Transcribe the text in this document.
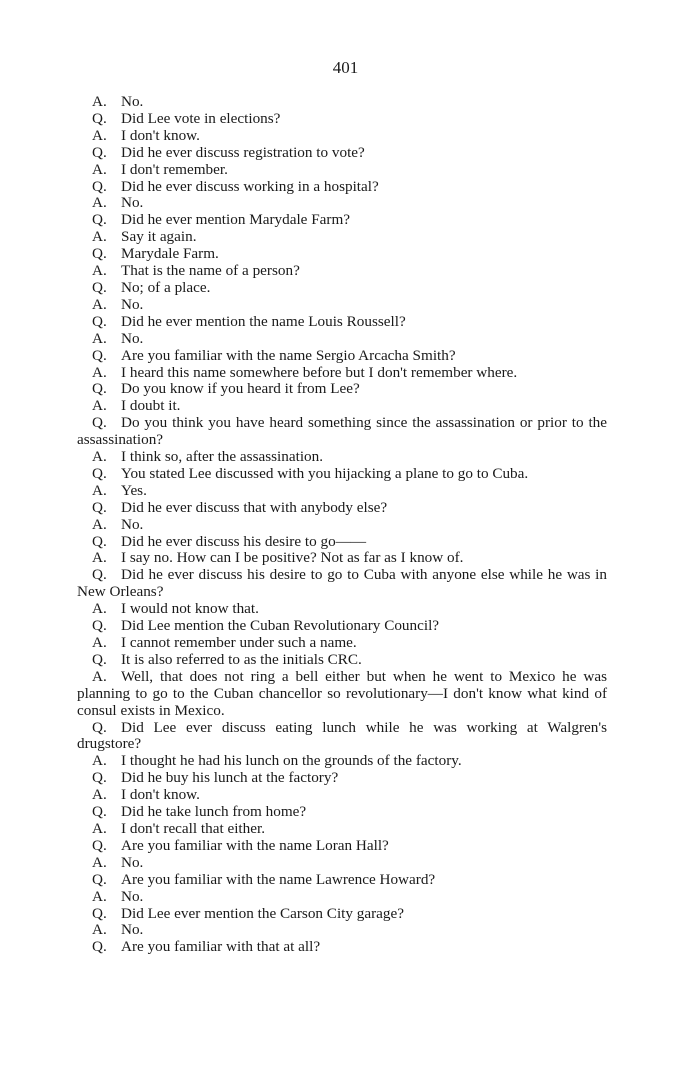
401

A. No.

Q. Did Lee vote in elections?

A. I don't know.

Q. Did he ever discuss registration to vote?

A. I don't remember.

Q. Did he ever discuss working in a hospital?

A. No.

Q. Did he ever mention Marydale Farm?

A. Say it again.

Q. Marydale Farm.

A. That is the name of a person?

Q. No; of a place.

A. No.

Q. Did he ever mention the name Louis Roussell?

A. No.

Q. Are you familiar with the name Sergio Arcacha Smith?

A. I heard this name somewhere before but I don't remember where.

Q. Do you know if you heard it from Lee?

A. I doubt it.

Q. Do you think you have heard something since the assassination or prior to the assassination?

A. I think so, after the assassination.

Q. You stated Lee discussed with you hijacking a plane to go to Cuba.

A. Yes.

Q. Did he ever discuss that with anybody else?

A. No.

Q. Did he ever discuss his desire to go——

A. I say no. How can I be positive? Not as far as I know of.

Q. Did he ever discuss his desire to go to Cuba with anyone else while he was in New Orleans?

A. I would not know that.

Q. Did Lee mention the Cuban Revolutionary Council?

A. I cannot remember under such a name.

Q. It is also referred to as the initials CRC.

A. Well, that does not ring a bell either but when he went to Mexico he was planning to go to the Cuban chancellor so revolutionary—I don't know what kind of consul exists in Mexico.

Q. Did Lee ever discuss eating lunch while he was working at Walgren's drugstore?

A. I thought he had his lunch on the grounds of the factory.

Q. Did he buy his lunch at the factory?

A. I don't know.

Q. Did he take lunch from home?

A. I don't recall that either.

Q. Are you familiar with the name Loran Hall?

A. No.

Q. Are you familiar with the name Lawrence Howard?

A. No.

Q. Did Lee ever mention the Carson City garage?

A. No.

Q. Are you familiar with that at all?
